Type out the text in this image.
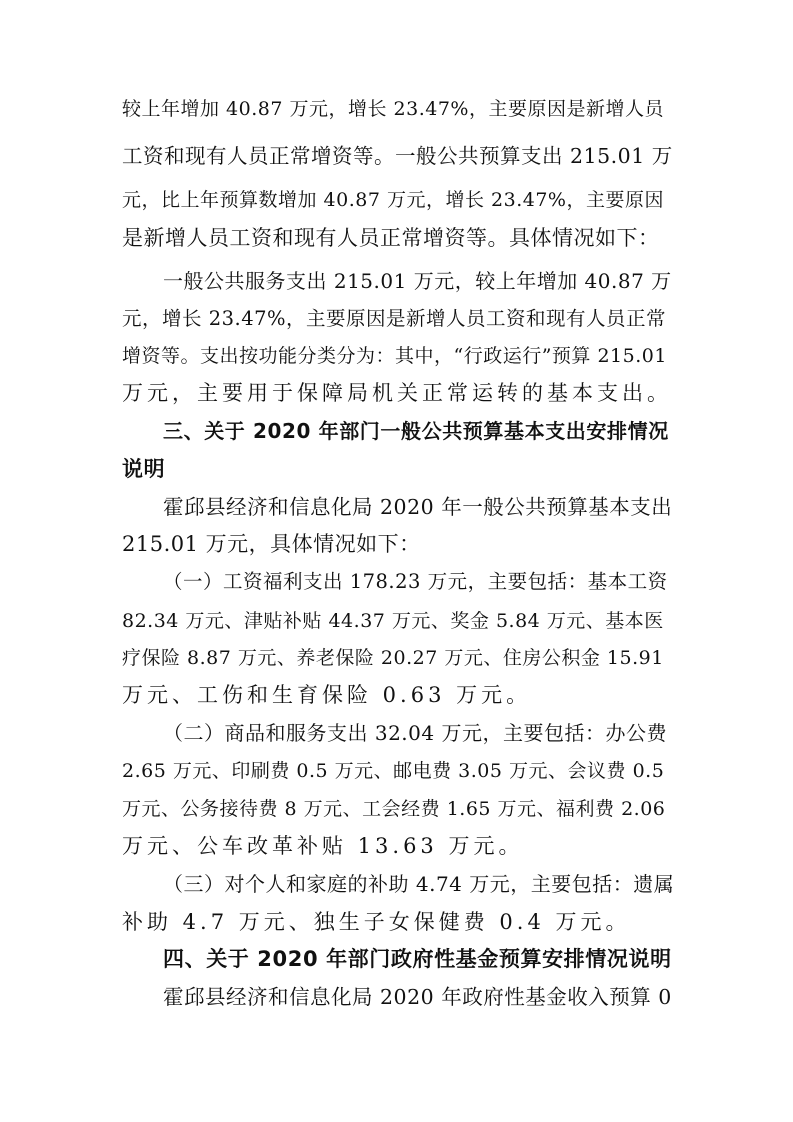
较上年增加 40.87 万元，增长 23.47%，主要原因是新增人员
工资和现有人员正常增资等。一般公共预算支出 215.01 万
元，比上年预算数增加 40.87 万元，增长 23.47%，主要原因
是新增人员工资和现有人员正常增资等。具体情况如下：
一般公共服务支出 215.01 万元，较上年增加 40.87 万
元，增长 23.47%，主要原因是新增人员工资和现有人员正常
增资等。支出按功能分类分为：其中，“行政运行”预算 215.01
万元，主要用于保障局机关正常运转的基本支出。
三、关于 2020 年部门一般公共预算基本支出安排情况
说明
霍邱县经济和信息化局 2020 年一般公共预算基本支出
215.01 万元，具体情况如下：
（一）工资福利支出 178.23 万元，主要包括：基本工资
82.34 万元、津贴补贴 44.37 万元、奖金 5.84 万元、基本医
疗保险 8.87 万元、养老保险 20.27 万元、住房公积金 15.91
万元、工伤和生育保险 0.63 万元。
（二）商品和服务支出 32.04 万元，主要包括：办公费
2.65 万元、印刷费 0.5 万元、邮电费 3.05 万元、会议费 0.5
万元、公务接待费 8 万元、工会经费 1.65 万元、福利费 2.06
万元、公车改革补贴 13.63 万元。
（三）对个人和家庭的补助 4.74 万元，主要包括：遗属
补助 4.7 万元、独生子女保健费 0.4 万元。
四、关于 2020 年部门政府性基金预算安排情况说明
霍邱县经济和信息化局 2020 年政府性基金收入预算 0
